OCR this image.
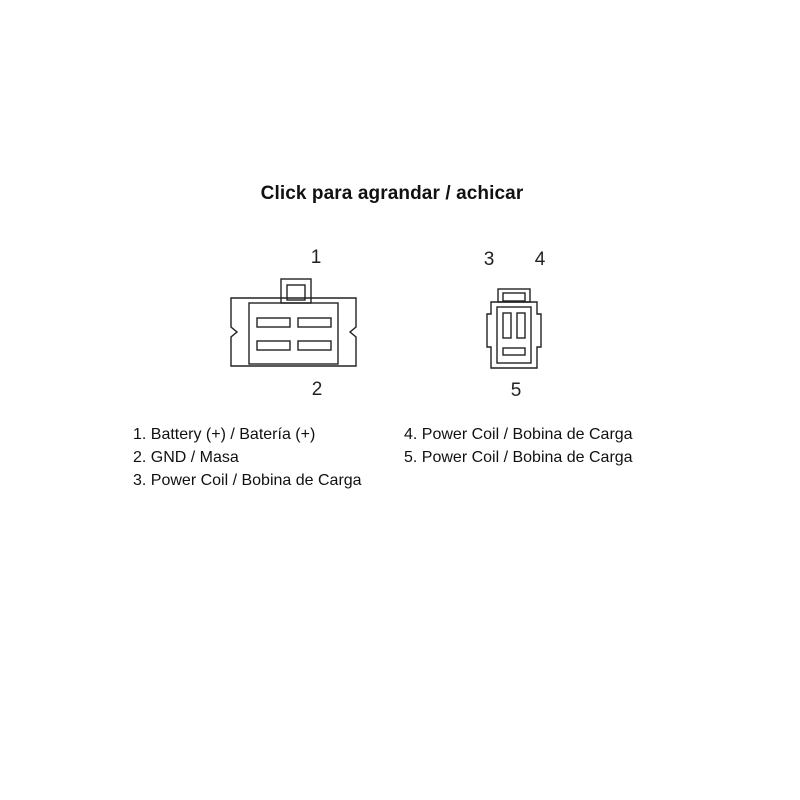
Click para agrandar / achicar
1
2
3 4
5
1. Battery (+) / Batería (+)
2. GND / Masa
3. Power Coil / Bobina de Carga
4. Power Coil / Bobina de Carga
5. Power Coil / Bobina de Carga
